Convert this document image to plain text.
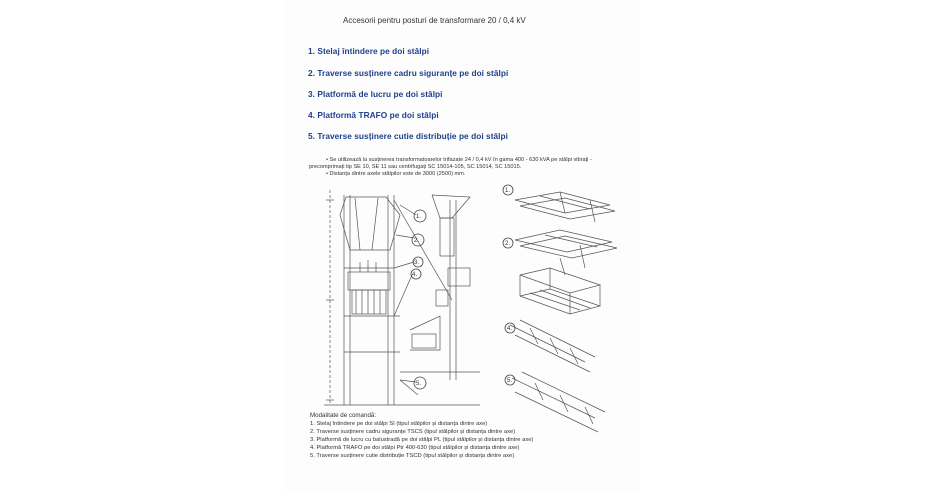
Accesorii pentru posturi de transformare 20 / 0,4 kV
1. Stelaj întindere pe doi stâlpi
2. Traverse susținere cadru siguranțe pe doi stâlpi
3. Platformă de lucru pe doi stâlpi
4. Platformă TRAFO pe doi stâlpi
5. Traverse susținere cutie distribuție pe doi stâlpi
• Se utilizează la susținerea transformatoarelor trifazate 24 / 0,4 kV în gama 400 - 630 kVA pe stâlpi vibrați -
precomprimați tip SE 10, SE 11 sau centrifugați SC 15014-105, SC 15014, SC 15015.
• Distanța dintre axele stâlpilor este de 3000 (2500) mm.
1.
2.
3.
4.
5.
1.
2.
4.
5.
Modalitate de comandă:
1. Stelaj întindere pe doi stâlpi SI (tipul stâlpilor și distanța dintre axe)
2. Traverse susținere cadru siguranțe TSCS (tipul stâlpilor și distanța dintre axe)
3. Platformă de lucru cu balustradă pe doi stâlpi PL (tipul stâlpilor și distanța dintre axe)
4. Platformă TRAFO pe doi stâlpi Ptr 400-630 (tipul stâlpilor și distanța dintre axe)
5. Traverse susținere cutie distribuție TSCD (tipul stâlpilor și distanța dintre axe)
